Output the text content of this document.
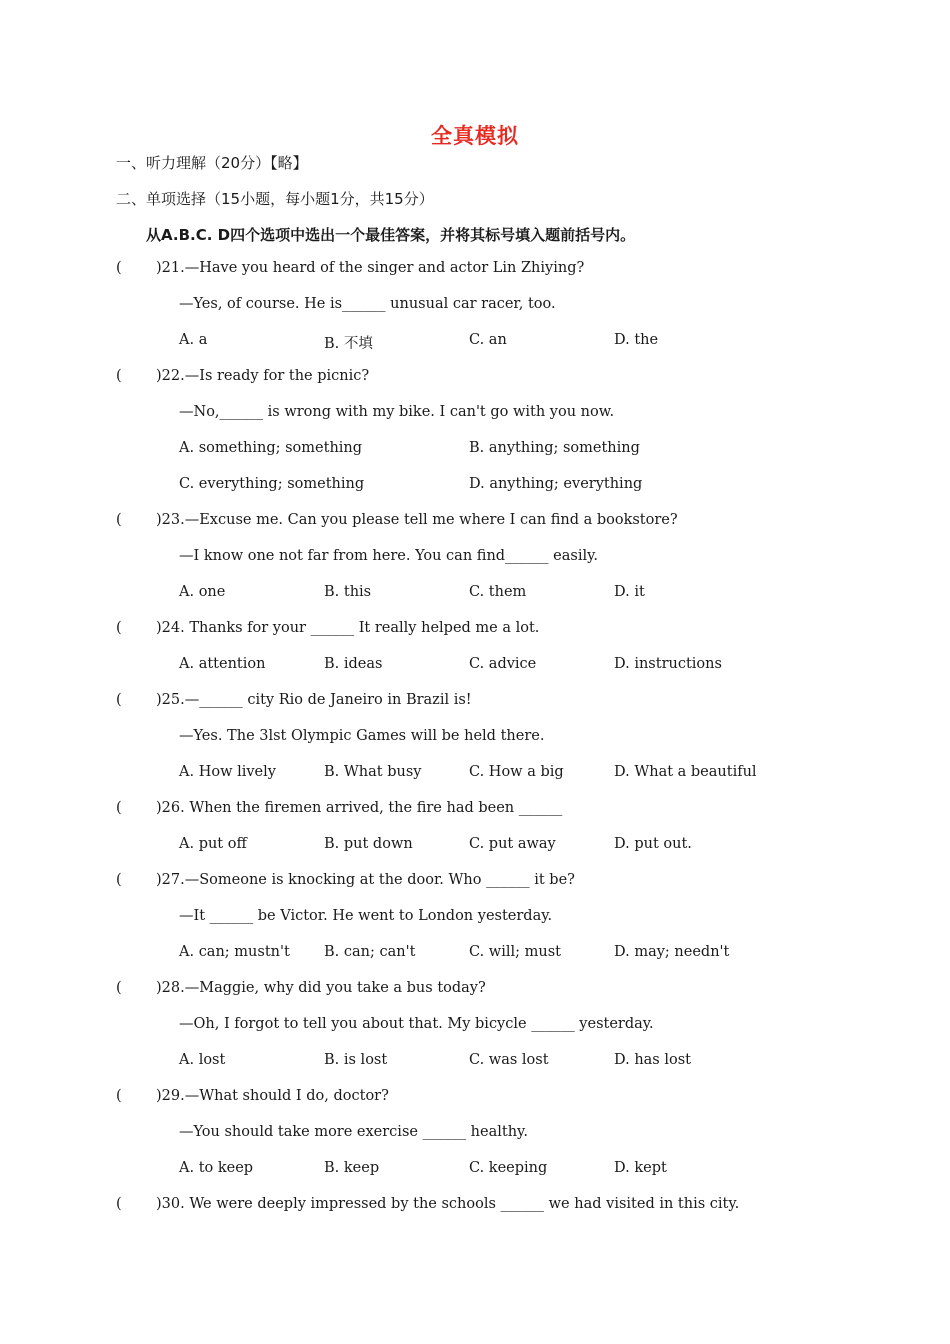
全真模拟
一、听力理解（20分）【略】
二、单项选择（15小题，每小题1分，共15分）
从A.B.C. D四个选项中选出一个最佳答案，并将其标号填入题前括号内。
( )21.—Have you heard of the singer and actor Lin Zhiying?
—Yes, of course. He is______ unusual car racer, too.
A. a	B. 不填	C. an	D. the
( )22.—Is ready for the picnic?
—No,______ is wrong with my bike. I can't go with you now.
A. something; something	B. anything; something
C. everything; something	D. anything; everything
( )23.—Excuse me. Can you please tell me where I can find a bookstore?
—I know one not far from here. You can find______ easily.
A. one	B. this	C. them	D. it
( )24. Thanks for your ______ It really helped me a lot.
A. attention	B. ideas	C. advice	D. instructions
( )25.—______ city Rio de Janeiro in Brazil is!
—Yes. The 3lst Olympic Games will be held there.
A. How lively	B. What busy	C. How a big	D. What a beautiful
( )26. When the firemen arrived, the fire had been ______
A. put off	B. put down	C. put away	D. put out.
( )27.—Someone is knocking at the door. Who ______ it be?
—It ______ be Victor. He went to London yesterday.
A. can; mustn't B. can; can't	C. will; must	D. may; needn't
( )28.—Maggie, why did you take a bus today?
—Oh, I forgot to tell you about that. My bicycle ______ yesterday.
A. lost	B. is lost	C. was lost	D. has lost
( )29.—What should I do, doctor?
—You should take more exercise ______ healthy.
A. to keep	B. keep	C. keeping	D. kept
( )30. We were deeply impressed by the schools ______ we had visited in this city.
